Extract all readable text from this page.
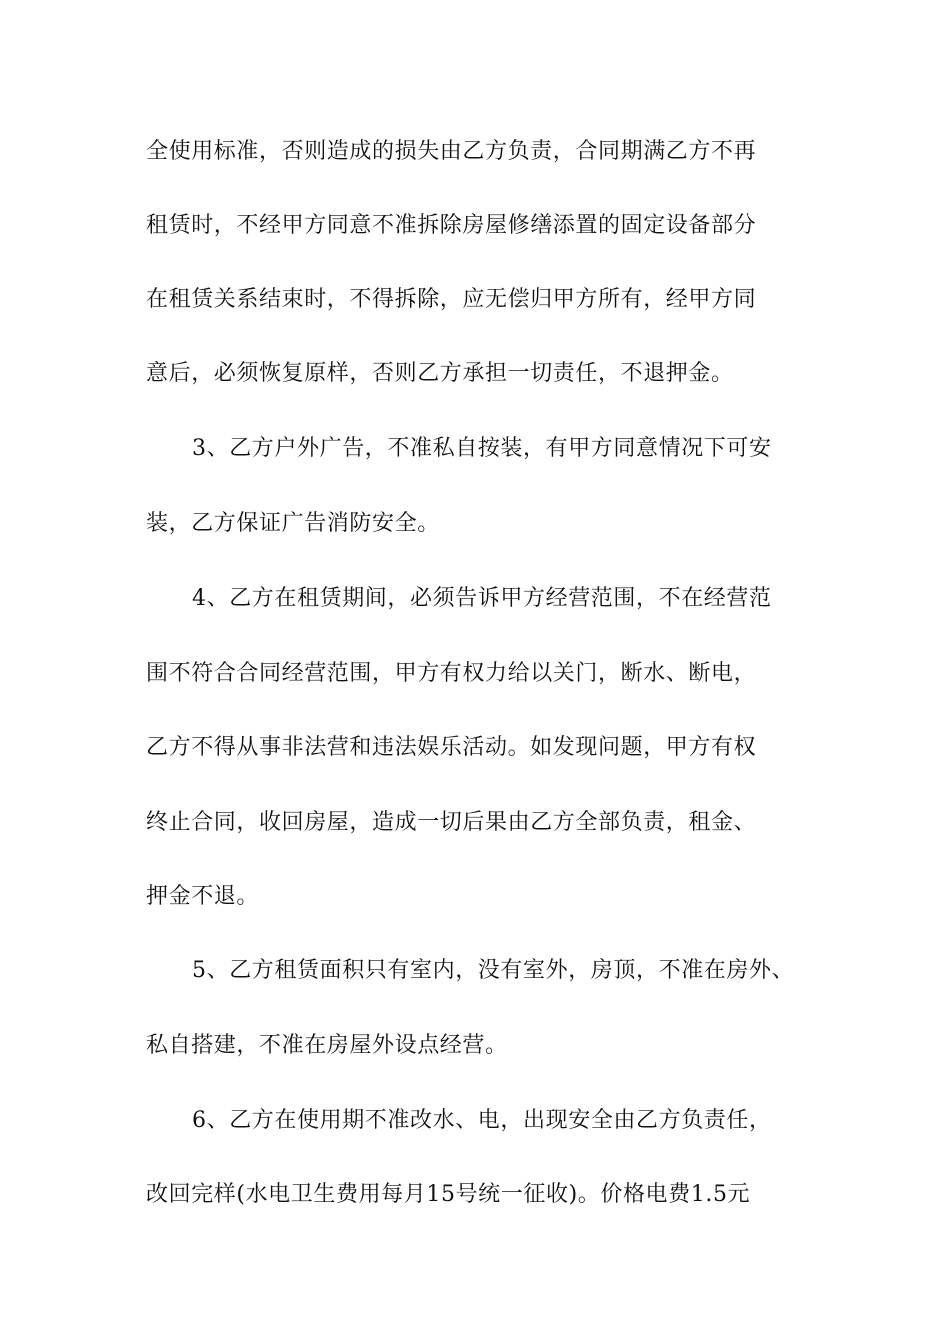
全使用标准，否则造成的损失由乙方负责，合同期满乙方不再
租赁时，不经甲方同意不准拆除房屋修缮添置的固定设备部分
在租赁关系结束时，不得拆除，应无偿归甲方所有，经甲方同
意后，必须恢复原样，否则乙方承担一切责任，不退押金。
3、乙方户外广告，不准私自按装，有甲方同意情况下可安
装，乙方保证广告消防安全。
4、乙方在租赁期间，必须告诉甲方经营范围，不在经营范
围不符合合同经营范围，甲方有权力给以关门，断水、断电，
乙方不得从事非法营和违法娱乐活动。如发现问题，甲方有权
终止合同，收回房屋，造成一切后果由乙方全部负责，租金、
押金不退。
5、乙方租赁面积只有室内，没有室外，房顶，不准在房外、
私自搭建，不准在房屋外设点经营。
6、乙方在使用期不准改水、电，出现安全由乙方负责任，
改回完样(水电卫生费用每月15号统一征收)。价格电费1.5元
